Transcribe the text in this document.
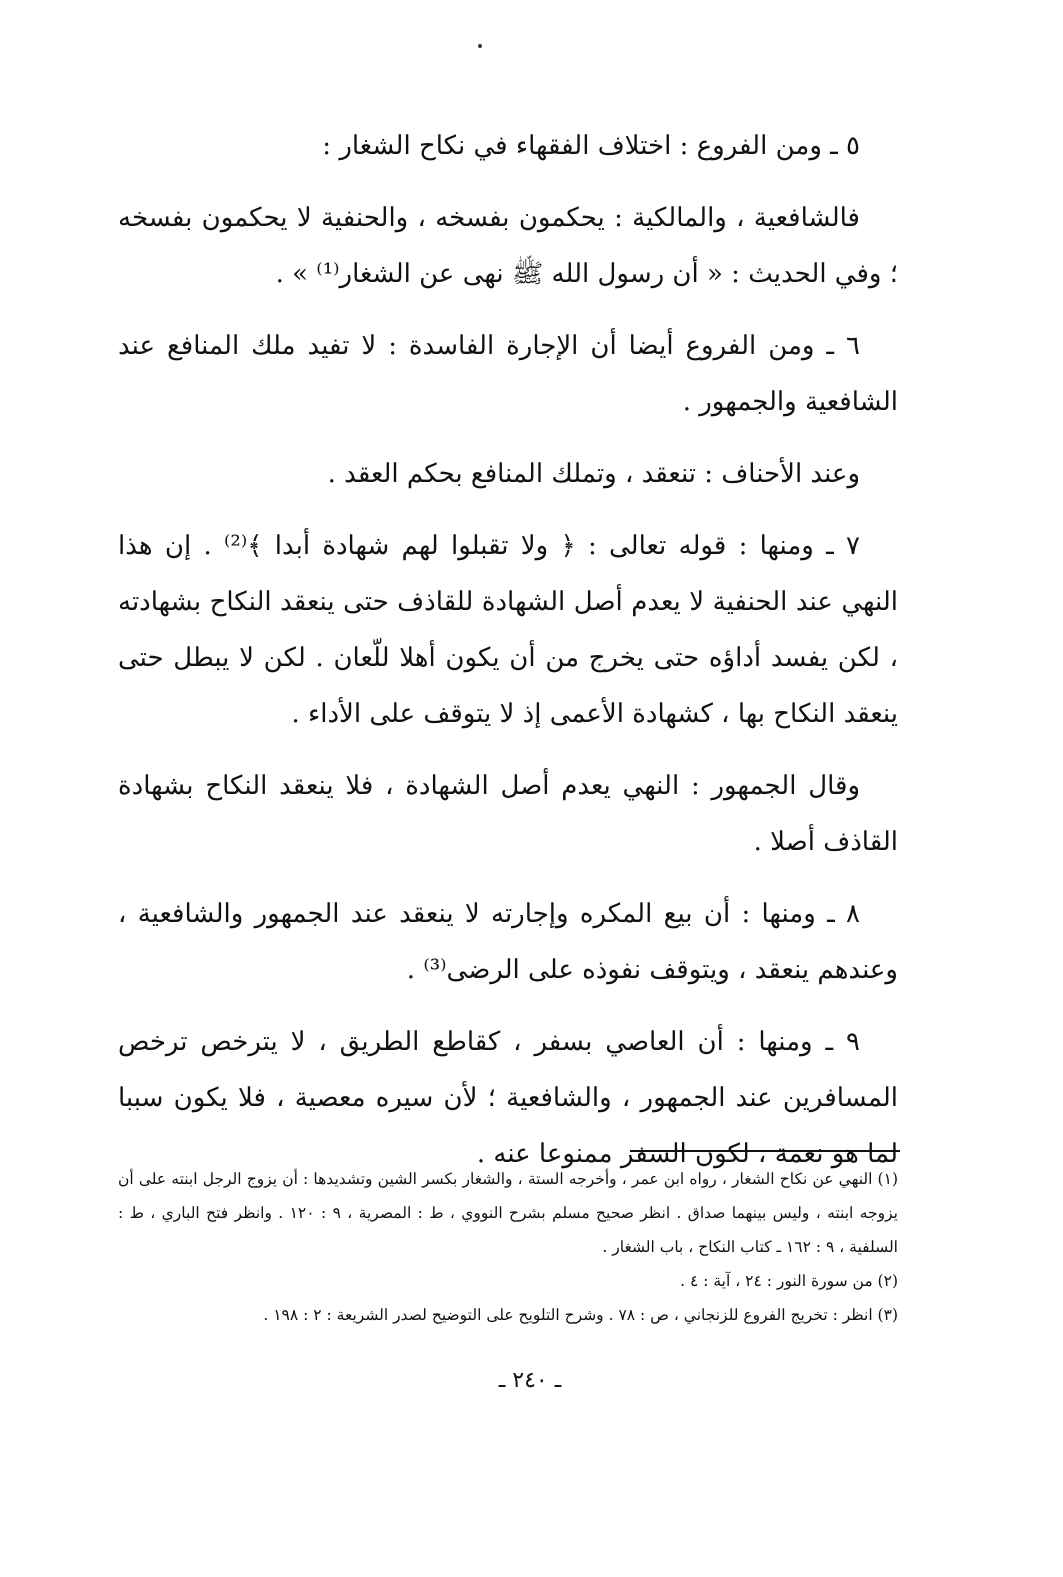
٥ ـ ومن الفروع : اختلاف الفقهاء في نكاح الشغار :

فالشافعية ، والمالكية : يحكمون بفسخه ، والحنفية لا يحكمون بفسخه ؛ وفي الحديث : « أن رسول الله ﷺ نهى عن الشغار⁽¹⁾ » .

٦ ـ ومن الفروع أيضا أن الإجارة الفاسدة : لا تفيد ملك المنافع عند الشافعية والجمهور .

وعند الأحناف : تنعقد ، وتملك المنافع بحكم العقد .

٧ ـ ومنها : قوله تعالى : ﴿ ولا تقبلوا لهم شهادة أبدا ﴾⁽²⁾ . إن هذا النهي عند الحنفية لا يعدم أصل الشهادة للقاذف حتى ينعقد النكاح بشهادته ، لكن يفسد أداؤه حتى يخرج من أن يكون أهلا للّعان . لكن لا يبطل حتى ينعقد النكاح بها ، كشهادة الأعمى إذ لا يتوقف على الأداء .

وقال الجمهور : النهي يعدم أصل الشهادة ، فلا ينعقد النكاح بشهادة القاذف أصلا .

٨ ـ ومنها : أن بيع المكره وإجارته لا ينعقد عند الجمهور والشافعية ، وعندهم ينعقد ، ويتوقف نفوذه على الرضى⁽³⁾ .

٩ ـ ومنها : أن العاصي بسفر ، كقاطع الطريق ، لا يترخص ترخص المسافرين عند الجمهور ، والشافعية ؛ لأن سيره معصية ، فلا يكون سببا لما هو نعمة ، لكون السفر ممنوعا عنه .

(١) النهي عن نكاح الشغار ، رواه ابن عمر ، وأخرجه الستة ، والشغار بكسر الشين وتشديدها : أن يزوج الرجل ابنته على أن يزوجه ابنته ، وليس بينهما صداق . انظر صحيح مسلم بشرح النووي ، ط : المصرية ، ٩ : ١٢٠ . وانظر فتح الباري ، ط : السلفية ، ٩ : ١٦٢ ـ كتاب النكاح ، باب الشغار .

(٢) من سورة النور : ٢٤ ، آية : ٤ .

(٣) انظر : تخريج الفروع للزنجاني ، ص : ٧٨ . وشرح التلويح على التوضيح لصدر الشريعة : ٢ : ١٩٨ .

ـ ٢٤٠ ـ
